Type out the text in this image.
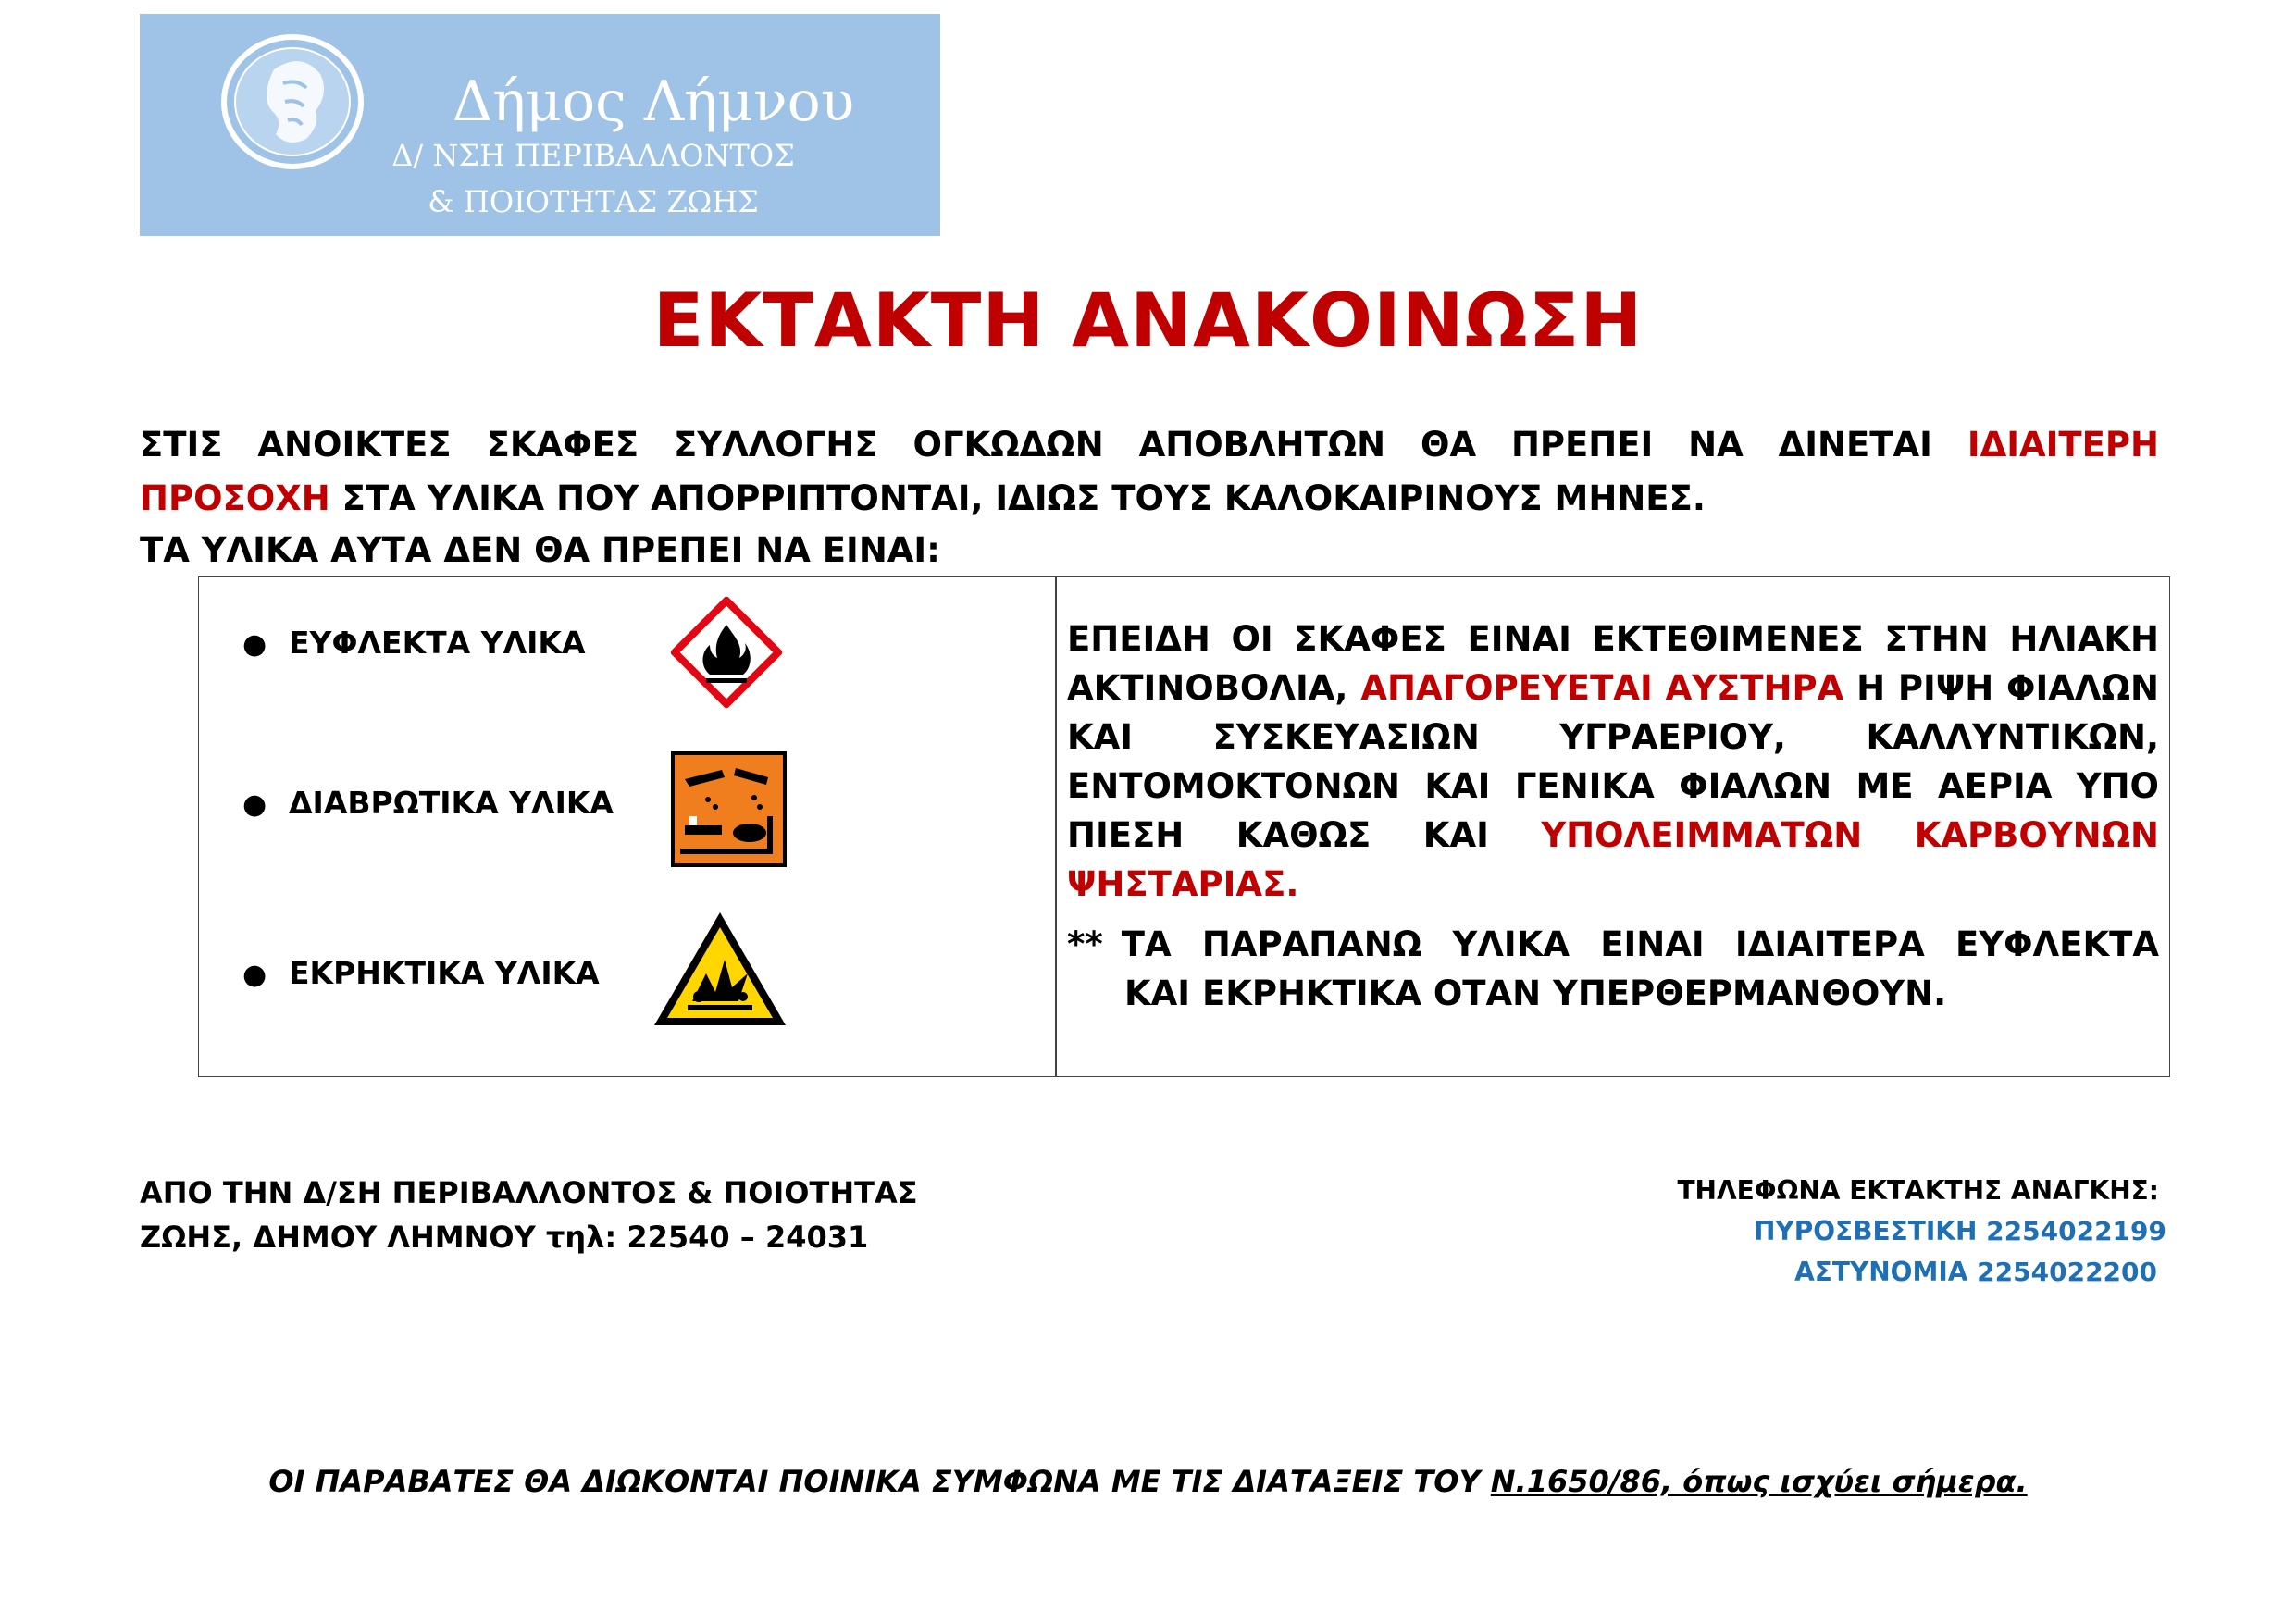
Δήμος Λήμνου
Δ/ ΝΣΗ ΠΕΡΙΒΑΛΛΟΝΤΟΣ
& ΠΟΙΟΤΗΤΑΣ ΖΩΗΣ
ΕΚΤΑΚΤΗ ΑΝΑΚΟΙΝΩΣΗ
ΣΤΙΣ ΑΝΟΙΚΤΕΣ ΣΚΑΦΕΣ ΣΥΛΛΟΓΗΣ ΟΓΚΩΔΩΝ ΑΠΟΒΛΗΤΩΝ ΘΑ ΠΡΕΠΕΙ ΝΑ ΔΙΝΕΤΑΙ ΙΔΙΑΙΤΕΡΗ
ΠΡΟΣΟΧΗ ΣΤΑ ΥΛΙΚΑ ΠΟΥ ΑΠΟΡΡΙΠΤΟΝΤΑΙ, ΙΔΙΩΣ ΤΟΥΣ ΚΑΛΟΚΑΙΡΙΝΟΥΣ ΜΗΝΕΣ.
ΤΑ ΥΛΙΚΑ ΑΥΤΑ ΔΕΝ ΘΑ ΠΡΕΠΕΙ ΝΑ ΕΙΝΑΙ:
● ΕΥΦΛΕΚΤΑ ΥΛΙΚΑ
● ΔΙΑΒΡΩΤΙΚΑ ΥΛΙΚΑ
● ΕΚΡΗΚΤΙΚΑ ΥΛΙΚΑ
ΕΠΕΙΔΗ ΟΙ ΣΚΑΦΕΣ ΕΙΝΑΙ ΕΚΤΕΘΙΜΕΝΕΣ ΣΤΗΝ ΗΛΙΑΚΗ ΑΚΤΙΝΟΒΟΛΙΑ, ΑΠΑΓΟΡΕΥΕΤΑΙ ΑΥΣΤΗΡΑ Η ΡΙΨΗ ΦΙΑΛΩΝ ΚΑΙ ΣΥΣΚΕΥΑΣΙΩΝ ΥΓΡΑΕΡΙΟΥ, ΚΑΛΛΥΝΤΙΚΩΝ, ΕΝΤΟΜΟΚΤΟΝΩΝ ΚΑΙ ΓΕΝΙΚΑ ΦΙΑΛΩΝ ΜΕ ΑΕΡΙΑ ΥΠΟ ΠΙΕΣΗ ΚΑΘΩΣ ΚΑΙ ΥΠΟΛΕΙΜΜΑΤΩΝ ΚΑΡΒΟΥΝΩΝ
ΨΗΣΤΑΡΙΑΣ.
** ΤΑ ΠΑΡΑΠΑΝΩ ΥΛΙΚΑ ΕΙΝΑΙ ΙΔΙΑΙΤΕΡΑ ΕΥΦΛΕΚΤΑ
ΚΑΙ ΕΚΡΗΚΤΙΚΑ ΟΤΑΝ ΥΠΕΡΘΕΡΜΑΝΘΟΥΝ.
ΑΠΟ ΤΗΝ Δ/ΣΗ ΠΕΡΙΒΑΛΛΟΝΤΟΣ & ΠΟΙΟΤΗΤΑΣ
ΖΩΗΣ, ΔΗΜΟΥ ΛΗΜΝΟΥ τηλ: 22540 – 24031
ΤΗΛΕΦΩΝΑ ΕΚΤΑΚΤΗΣ ΑΝΑΓΚΗΣ:
ΠΥΡΟΣΒΕΣΤΙΚΗ 2254022199
ΑΣΤΥΝΟΜΙΑ 2254022200
ΟΙ ΠΑΡΑΒΑΤΕΣ ΘΑ ΔΙΩΚΟΝΤΑΙ ΠΟΙΝΙΚΑ ΣΥΜΦΩΝΑ ΜΕ ΤΙΣ ΔΙΑΤΑΞΕΙΣ ΤΟΥ Ν.1650/86, όπως ισχύει σήμερα.
